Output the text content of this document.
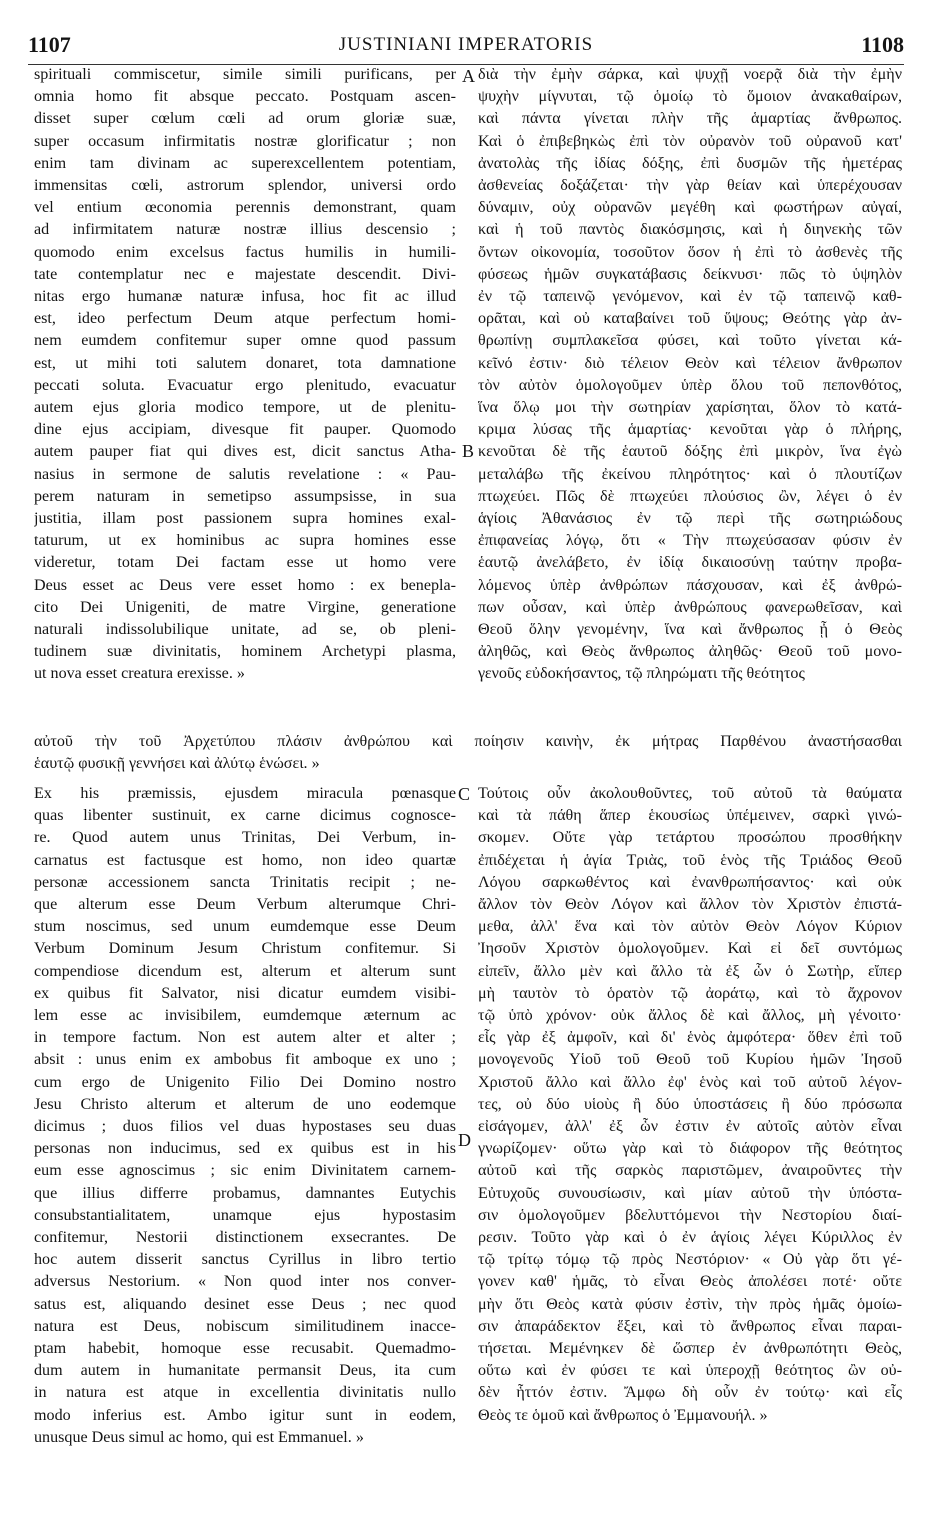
1107	JUSTINIANI IMPERATORIS	1108
A
B
C
D
spirituali commiscetur, simile simili purificans, per
omnia homo fit absque peccato. Postquam ascen-
disset super cœlum cœli ad orum gloriæ suæ,
super occasum infirmitatis nostræ glorificatur ; non
enim tam divinam ac superexcellentem potentiam,
immensitas cœli, astrorum splendor, universi ordo
vel entium œconomia perennis demonstrant, quam
ad infirmitatem naturæ nostræ illius descensio ;
quomodo enim excelsus factus humilis in humili-
tate contemplatur nec e majestate descendit. Divi-
nitas ergo humanæ naturæ infusa, hoc fit ac illud
est, ideo perfectum Deum atque perfectum homi-
nem eumdem confitemur super omne quod passum
est, ut mihi toti salutem donaret, tota damnatione
peccati soluta. Evacuatur ergo plenitudo, evacuatur
autem ejus gloria modico tempore, ut de plenitu-
dine ejus accipiam, divesque fit pauper. Quomodo
autem pauper fiat qui dives est, dicit sanctus Atha-
nasius in sermone de salutis revelatione : « Pau-
perem naturam in semetipso assumpsisse, in sua
justitia, illam post passionem supra homines exal-
taturum, ut ex hominibus ac supra homines esse
videretur, totam Dei factam esse ut homo vere
Deus esset ac Deus vere esset homo : ex benepla-
cito Dei Unigeniti, de matre Virgine, generatione
naturali indissolubilique unitate, ad se, ob pleni-
tudinem suæ divinitatis, hominem Archetypi plasma,
ut nova esset creatura erexisse. »
διὰ τὴν ἐμὴν σάρκα, καὶ ψυχῇ νοερᾷ διὰ τὴν ἐμὴν
ψυχὴν μίγνυται, τῷ ὁμοίῳ τὸ ὅμοιον ἀνακαθαίρων,
καὶ πάντα γίνεται πλὴν τῆς ἁμαρτίας ἄνθρωπος.
Καὶ ὁ ἐπιβεβηκὼς ἐπὶ τὸν οὐρανὸν τοῦ οὐρανοῦ κατ'
ἀνατολὰς τῆς ἰδίας δόξης, ἐπὶ δυσμῶν τῆς ἡμετέρας
ἀσθενείας δοξάζεται· τὴν γὰρ θείαν καὶ ὑπερέχουσαν
δύναμιν, οὐχ οὐρανῶν μεγέθη καὶ φωστήρων αὐγαί,
καὶ ἡ τοῦ παντὸς διακόσμησις, καὶ ἡ διηνεκὴς τῶν
ὄντων οἰκονομία, τοσοῦτον ὅσον ἡ ἐπὶ τὸ ἀσθενὲς τῆς
φύσεως ἡμῶν συγκατάβασις δείκνυσι· πῶς τὸ ὑψηλὸν
ἐν τῷ ταπεινῷ γενόμενον, καὶ ἐν τῷ ταπεινῷ καθ-
ορᾶται, καὶ οὐ καταβαίνει τοῦ ὕψους; Θεότης γὰρ ἀν-
θρωπίνῃ συμπλακεῖσα φύσει, καὶ τοῦτο γίνεται κά-
κεῖνό ἐστιν· διὸ τέλειον Θεὸν καὶ τέλειον ἄνθρωπον
τὸν αὐτὸν ὁμολογοῦμεν ὑπὲρ ὅλου τοῦ πεπονθότος,
ἵνα ὅλῳ μοι τὴν σωτηρίαν χαρίσηται, ὅλον τὸ κατά-
κριμα λύσας τῆς ἁμαρτίας· κενοῦται γὰρ ὁ πλήρης,
κενοῦται δὲ τῆς ἑαυτοῦ δόξης ἐπὶ μικρὸν, ἵνα ἐγὼ
μεταλάβω τῆς ἐκείνου πληρότητος· καὶ ὁ πλουτίζων
πτωχεύει. Πῶς δὲ πτωχεύει πλούσιος ὢν, λέγει ὁ ἐν
ἁγίοις Ἀθανάσιος ἐν τῷ περὶ τῆς σωτηριώδους
ἐπιφανείας λόγῳ, ὅτι « Τὴν πτωχεύσασαν φύσιν ἐν
ἑαυτῷ ἀνελάβετο, ἐν ἰδίᾳ δικαιοσύνῃ ταύτην προβα-
λόμενος ὑπὲρ ἀνθρώπων πάσχουσαν, καὶ ἐξ ἀνθρώ-
πων οὖσαν, καὶ ὑπὲρ ἀνθρώπους φανερωθεῖσαν, καὶ
Θεοῦ ὅλην γενομένην, ἵνα καὶ ἄνθρωπος ᾖ ὁ Θεὸς
ἀληθῶς, καὶ Θεὸς ἄνθρωπος ἀληθῶς· Θεοῦ τοῦ μονο-
γενοῦς εὐδοκήσαντος, τῷ πληρώματι τῆς θεότητος
αὐτοῦ τὴν τοῦ Ἀρχετύπου πλάσιν ἀνθρώπου καὶ ποίησιν καινὴν, ἐκ μήτρας Παρθένου ἀναστήσασθαι
ἑαυτῷ φυσικῇ γεννήσει καὶ ἀλύτῳ ἑνώσει. »
Ex his præmissis, ejusdem miracula pœnasque
quas libenter sustinuit, ex carne dicimus cognosce-
re. Quod autem unus Trinitas, Dei Verbum, in-
carnatus est factusque est homo, non ideo quartæ
personæ accessionem sancta Trinitatis recipit ; ne-
que alterum esse Deum Verbum alterumque Chri-
stum noscimus, sed unum eumdemque esse Deum
Verbum Dominum Jesum Christum confitemur. Si
compendiose dicendum est, alterum et alterum sunt
ex quibus fit Salvator, nisi dicatur eumdem visibi-
lem esse ac invisibilem, eumdemque æternum ac
in tempore factum. Non est autem alter et alter ;
absit : unus enim ex ambobus fit amboque ex uno ;
cum ergo de Unigenito Filio Dei Domino nostro
Jesu Christo alterum et alterum de uno eodemque
dicimus ; duos filios vel duas hypostases seu duas
personas non inducimus, sed ex quibus est in his
eum esse agnoscimus ; sic enim Divinitatem carnem-
que illius differre probamus, damnantes Eutychis
consubstantialitatem, unamque ejus hypostasim
confitemur, Nestorii distinctionem exsecrantes. De
hoc autem disserit sanctus Cyrillus in libro tertio
adversus Nestorium. « Non quod inter nos conver-
satus est, aliquando desinet esse Deus ; nec quod
natura est Deus, nobiscum similitudinem inacce-
ptam habebit, homoque esse recusabit. Quemadmo-
dum autem in humanitate permansit Deus, ita cum
in natura est atque in excellentia divinitatis nullo
modo inferius est. Ambo igitur sunt in eodem,
unusque Deus simul ac homo, qui est Emmanuel. »
Τούτοις οὖν ἀκολουθοῦντες, τοῦ αὐτοῦ τὰ θαύματα
καὶ τὰ πάθη ἅπερ ἑκουσίως ὑπέμεινεν, σαρκὶ γινώ-
σκομεν. Οὔτε γὰρ τετάρτου προσώπου προσθήκην
ἐπιδέχεται ἡ ἁγία Τριὰς, τοῦ ἑνὸς τῆς Τριάδος Θεοῦ
Λόγου σαρκωθέντος καὶ ἐνανθρωπήσαντος· καὶ οὐκ
ἄλλον τὸν Θεὸν Λόγον καὶ ἄλλον τὸν Χριστὸν ἐπιστά-
μεθα, ἀλλ' ἕνα καὶ τὸν αὐτὸν Θεὸν Λόγον Κύριον
Ἰησοῦν Χριστὸν ὁμολογοῦμεν. Καὶ εἰ δεῖ συντόμως
εἰπεῖν, ἄλλο μὲν καὶ ἄλλο τὰ ἐξ ὧν ὁ Σωτὴρ, εἴπερ
μὴ ταυτὸν τὸ ὁρατὸν τῷ ἀοράτῳ, καὶ τὸ ἄχρονον
τῷ ὑπὸ χρόνον· οὐκ ἄλλος δὲ καὶ ἄλλος, μὴ γένοιτο·
εἷς γὰρ ἐξ ἀμφοῖν, καὶ δι' ἑνὸς ἀμφότερα· ὅθεν ἐπὶ τοῦ
μονογενοῦς Υἱοῦ τοῦ Θεοῦ τοῦ Κυρίου ἡμῶν Ἰησοῦ
Χριστοῦ ἄλλο καὶ ἄλλο ἐφ' ἑνὸς καὶ τοῦ αὐτοῦ λέγον-
τες, οὐ δύο υἱοὺς ἢ δύο ὑποστάσεις ἢ δύο πρόσωπα
εἰσάγομεν, ἀλλ' ἐξ ὧν ἐστιν ἐν αὐτοῖς αὐτὸν εἶναι
γνωρίζομεν· οὕτω γὰρ καὶ τὸ διάφορον τῆς θεότητος
αὐτοῦ καὶ τῆς σαρκὸς παριστῶμεν, ἀναιροῦντες τὴν
Εὐτυχοῦς συνουσίωσιν, καὶ μίαν αὐτοῦ τὴν ὑπόστα-
σιν ὁμολογοῦμεν βδελυττόμενοι τὴν Νεστορίου διαί-
ρεσιν. Τοῦτο γὰρ καὶ ὁ ἐν ἁγίοις λέγει Κύριλλος ἐν
τῷ τρίτῳ τόμῳ τῷ πρὸς Νεστόριον· « Οὐ γὰρ ὅτι γέ-
γονεν καθ' ἡμᾶς, τὸ εἶναι Θεὸς ἀπολέσει ποτέ· οὔτε
μὴν ὅτι Θεὸς κατὰ φύσιν ἐστὶν, τὴν πρὸς ἡμᾶς ὁμοίω-
σιν ἀπαράδεκτον ἕξει, καὶ τὸ ἄνθρωπος εἶναι παραι-
τήσεται. Μεμένηκεν δὲ ὥσπερ ἐν ἀνθρωπότητι Θεὸς,
οὕτω καὶ ἐν φύσει τε καὶ ὑπεροχῇ θεότητος ὢν οὐ-
δὲν ἧττόν ἐστιν. Ἄμφω δὴ οὖν ἐν τούτῳ· καὶ εἷς
Θεὸς τε ὁμοῦ καὶ ἄνθρωπος ὁ Ἐμμανουήλ. »
